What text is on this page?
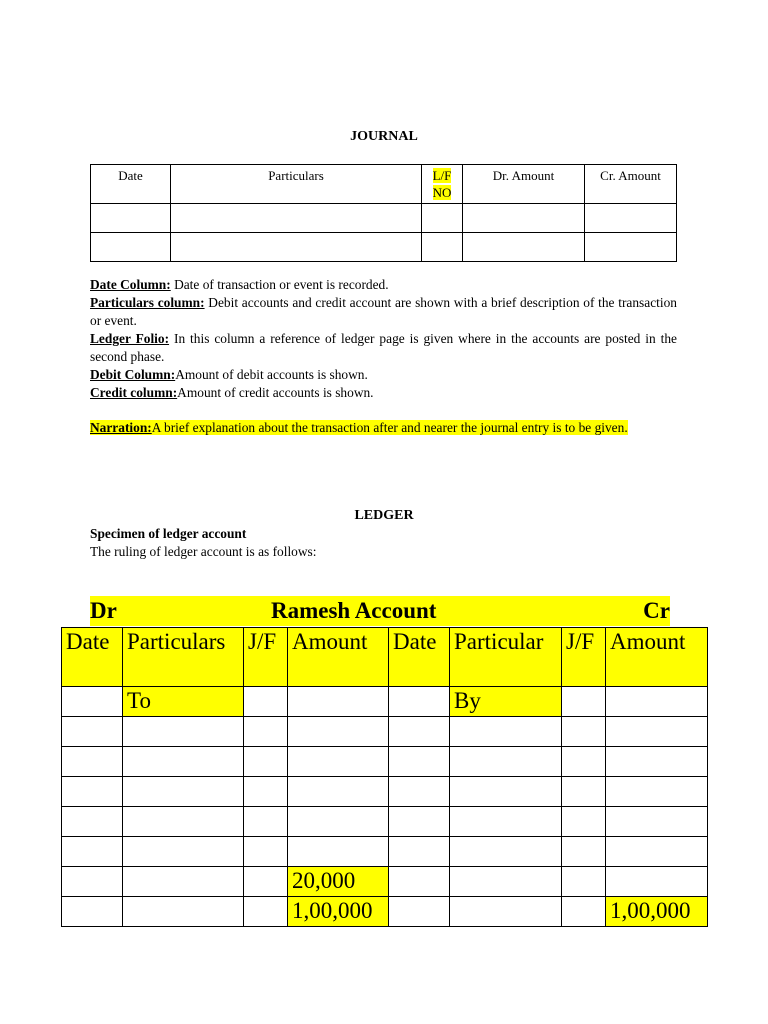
JOURNAL
Date	Particulars	L/F NO	Dr. Amount	Cr. Amount

Date Column: Date of transaction or event is recorded.

Particulars column: Debit accounts and credit account are shown with a brief description of the transaction or event.

Ledger Folio: In this column a reference of ledger page is given where in the accounts are posted in the second phase.

Debit Column:Amount of debit accounts is shown.

Credit column:Amount of credit accounts is shown.

Narration:A brief explanation about the transaction after and nearer the journal entry is to be given.
LEDGER
Specimen of ledger account
The ruling of ledger account is as follows:
Dr	Ramesh Account	Cr
Date	Particulars	J/F	Amount	Date	Particular	J/F	Amount
	To				By		

			20,000				
			1,00,000				1,00,000
